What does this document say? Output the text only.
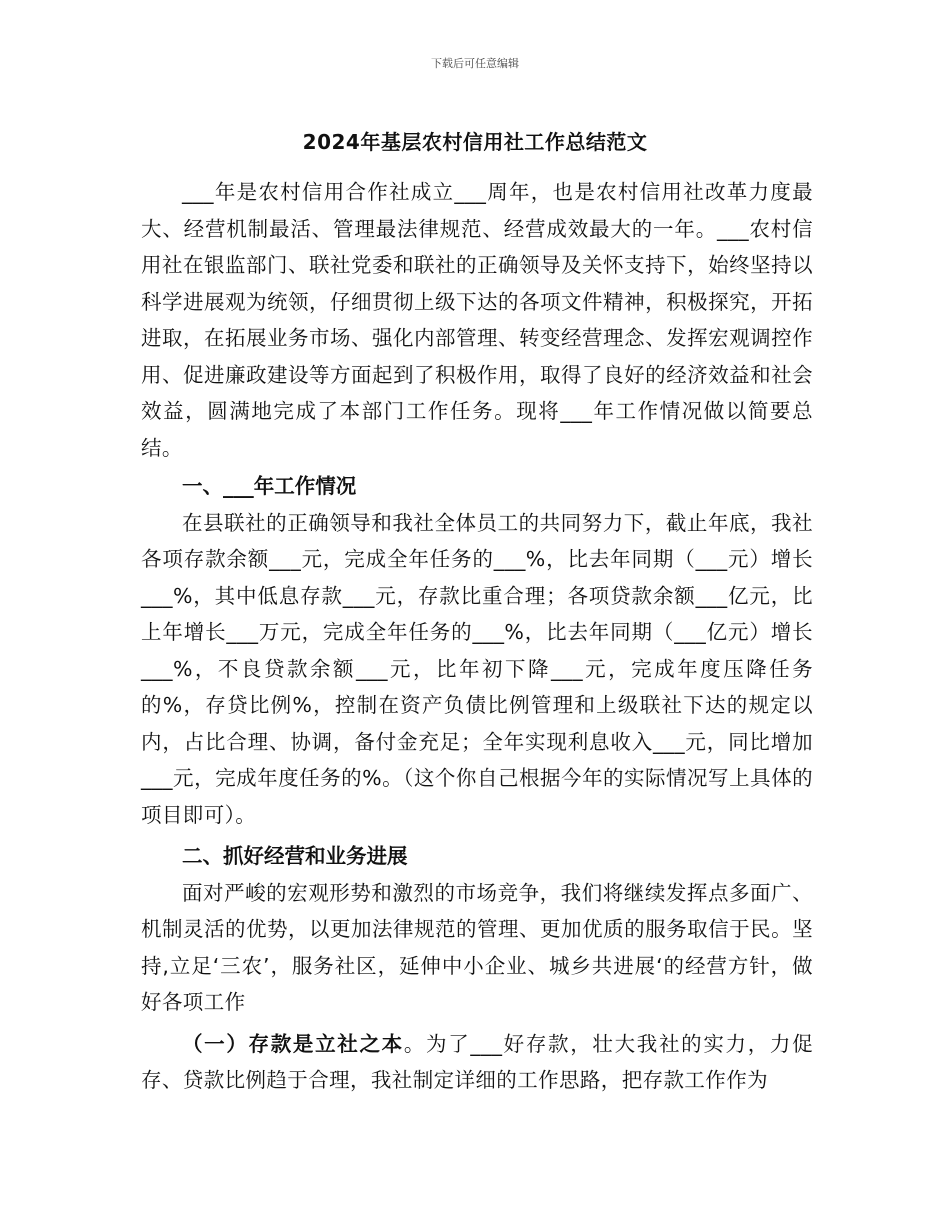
下载后可任意编辑
2024年基层农村信用社工作总结范文

___年是农村信用合作社成立___周年，也是农村信用社改革力度最大、经营机制最活、管理最法律规范、经营成效最大的一年。___农村信用社在银监部门、联社党委和联社的正确领导及关怀支持下，始终坚持以科学进展观为统领，仔细贯彻上级下达的各项文件精神，积极探究，开拓进取，在拓展业务市场、强化内部管理、转变经营理念、发挥宏观调控作用、促进廉政建设等方面起到了积极作用，取得了良好的经济效益和社会效益，圆满地完成了本部门工作任务。现将___年工作情况做以简要总结。

一、___年工作情况

在县联社的正确领导和我社全体员工的共同努力下，截止年底，我社各项存款余额___元，完成全年任务的___%，比去年同期（___元）增长___%，其中低息存款___元，存款比重合理；各项贷款余额___亿元，比上年增长___万元，完成全年任务的___%，比去年同期（___亿元）增长___%，不良贷款余额___元，比年初下降___元，完成年度压降任务的%，存贷比例%，控制在资产负债比例管理和上级联社下达的规定以内，占比合理、协调，备付金充足；全年实现利息收入___元，同比增加___元，完成年度任务的%。（这个你自己根据今年的实际情况写上具体的项目即可）。

二、抓好经营和业务进展

面对严峻的宏观形势和激烈的市场竞争，我们将继续发挥点多面广、机制灵活的优势，以更加法律规范的管理、更加优质的服务取信于民。坚持,立足‘三农’，服务社区，延伸中小企业、城乡共进展‘的经营方针，做好各项工作

（一）存款是立社之本。为了___好存款，壮大我社的实力，力促存、贷款比例趋于合理，我社制定详细的工作思路，把存款工作作为
